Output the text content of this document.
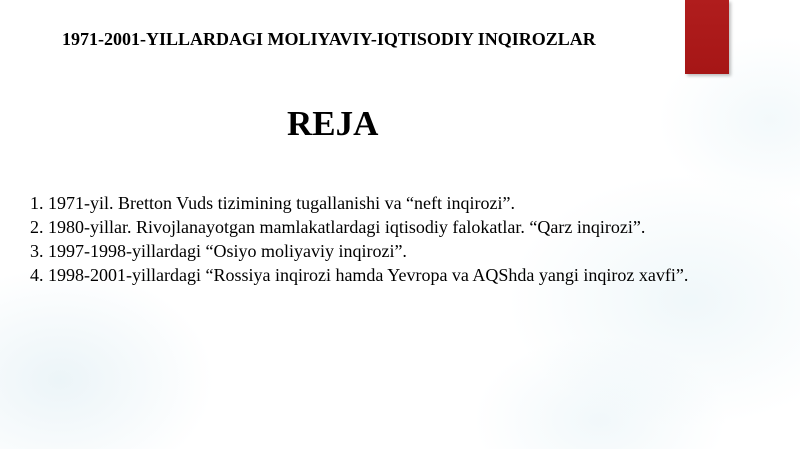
1971-2001-YILLARDAGI MOLIYAVIY-IQTISODIY INQIROZLAR
REJA
1. 1971-yil. Bretton Vuds tizimining tugallanishi va “neft inqirozi”.
2. 1980-yillar. Rivojlanayotgan mamlakatlardagi iqtisodiy falokatlar. “Qarz inqirozi”.
3. 1997-1998-yillardagi “Osiyo moliyaviy inqirozi”.
4. 1998-2001-yillardagi “Rossiya inqirozi hamda Yevropa va AQShda yangi inqiroz xavfi”.
